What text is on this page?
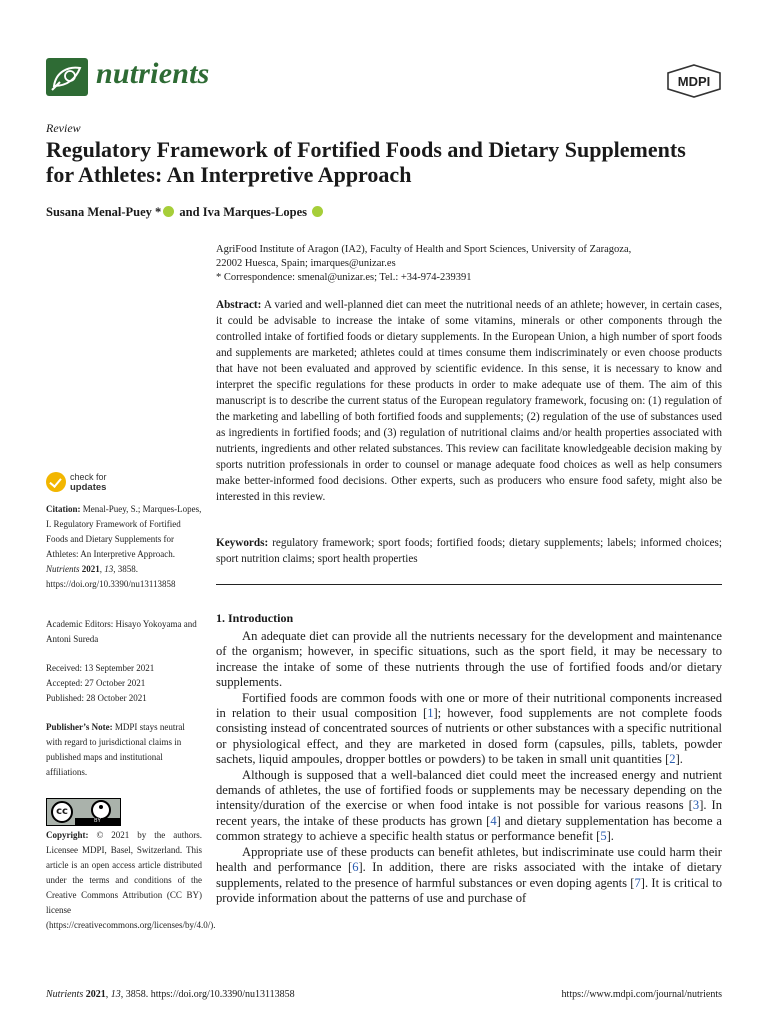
nutrients	MDPI
Review
Regulatory Framework of Fortified Foods and Dietary Supplements for Athletes: An Interpretive Approach
Susana Menal-Puey * and Iva Marques-Lopes
AgriFood Institute of Aragon (IA2), Faculty of Health and Sport Sciences, University of Zaragoza,
22002 Huesca, Spain; imarques@unizar.es
* Correspondence: smenal@unizar.es; Tel.: +34-974-239391
Abstract: A varied and well-planned diet can meet the nutritional needs of an athlete; however, in certain cases, it could be advisable to increase the intake of some vitamins, minerals or other components through the controlled intake of fortified foods or dietary supplements. In the European Union, a high number of sport foods and supplements are marketed; athletes could at times consume them indiscriminately or even choose products that have not been evaluated and approved by scientific evidence. In this sense, it is necessary to know and interpret the specific regulations for these products in order to make adequate use of them. The aim of this manuscript is to describe the current status of the European regulatory framework, focusing on: (1) regulation of the marketing and labelling of both fortified foods and supplements; (2) regulation of the use of substances used as ingredients in fortified foods; and (3) regulation of nutritional claims and/or health properties associated with nutrients, ingredients and other related substances. This review can facilitate knowledgeable decision making by sports nutrition professionals in order to counsel or manage adequate food choices as well as help consumers make better-informed food decisions. Other experts, such as producers who ensure food safety, might also be interested in this review.
Keywords: regulatory framework; sport foods; fortified foods; dietary supplements; labels; informed choices; sport nutrition claims; sport health properties
1. Introduction

An adequate diet can provide all the nutrients necessary for the development and maintenance of the organism; however, in specific situations, such as the sport field, it may be necessary to increase the intake of some of these nutrients through the use of fortified foods and/or dietary supplements.

Fortified foods are common foods with one or more of their nutritional components increased in relation to their usual composition [1]; however, food supplements are not complete foods consisting instead of concentrated sources of nutrients or other substances with a specific nutritional or physiological effect, and they are marketed in dosed form (capsules, pills, tablets, powder sachets, liquid ampoules, dropper bottles or powders) to be taken in small unit quantities [2].

Although is supposed that a well-balanced diet could meet the increased energy and nutrient demands of athletes, the use of fortified foods or supplements may be necessary depending on the intensity/duration of the exercise or when food intake is not possible for various reasons [3]. In recent years, the intake of these products has grown [4] and dietary supplementation has become a common strategy to achieve a specific health status or performance benefit [5].

Appropriate use of these products can benefit athletes, but indiscriminate use could harm their health and performance [6]. In addition, there are risks associated with the intake of dietary supplements, related to the presence of harmful substances or even doping agents [7]. It is critical to provide information about the patterns of use and purchase of

check for
updates
Citation: Menal-Puey, S.; Marques-Lopes, I. Regulatory Framework of Fortified Foods and Dietary Supplements for Athletes: An Interpretive Approach. Nutrients 2021, 13, 3858. https://doi.org/10.3390/nu13113858
Academic Editors: Hisayo Yokoyama and Antoni Sureda
Received: 13 September 2021
Accepted: 27 October 2021
Published: 28 October 2021
Publisher’s Note: MDPI stays neutral with regard to jurisdictional claims in published maps and institutional affiliations.
cc
BY
Copyright: © 2021 by the authors. Licensee MDPI, Basel, Switzerland. This article is an open access article distributed under the terms and conditions of the Creative Commons Attribution (CC BY) license (https://creativecommons.org/licenses/by/4.0/).
Nutrients 2021, 13, 3858. https://doi.org/10.3390/nu13113858	https://www.mdpi.com/journal/nutrients
